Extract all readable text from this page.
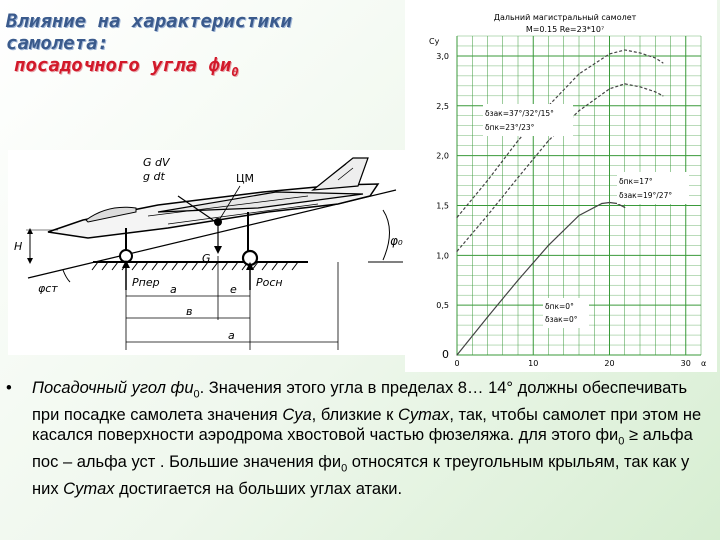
Влияние на характеристики
самолета:
посадочного угла $фи_0$
G dV
g dt	ЦМ
G
H	φ₀
φст	Pпер	Pосн
a	e
в
a
Дальний магистральный самолет
M=0.15 Re=23*10⁷
Cy
α
3,0
2,5
2,0
1,5
1,0
0,5
0
0	10	20	30
δзак=37°/32°/15°
δпк=23°/23°
δпк=17°
δзак=19°/27°
δпк=0°
δзак=0°
• Посадочный угол $фи_0$. Значения этого угла в пределах 8… 14° должны обеспечивать при посадке самолета значения Cуа, близкие к Cymax, так, чтобы самолет при этом не касался поверхности аэродрома хвостовой частью фюзеляжа. для этого $фи_0$ ≥ альфа пос – альфа уст . Большие значения $фи_0$ относятся к треугольным крыльям, так как у них Cymax достигается на больших углах атаки.
